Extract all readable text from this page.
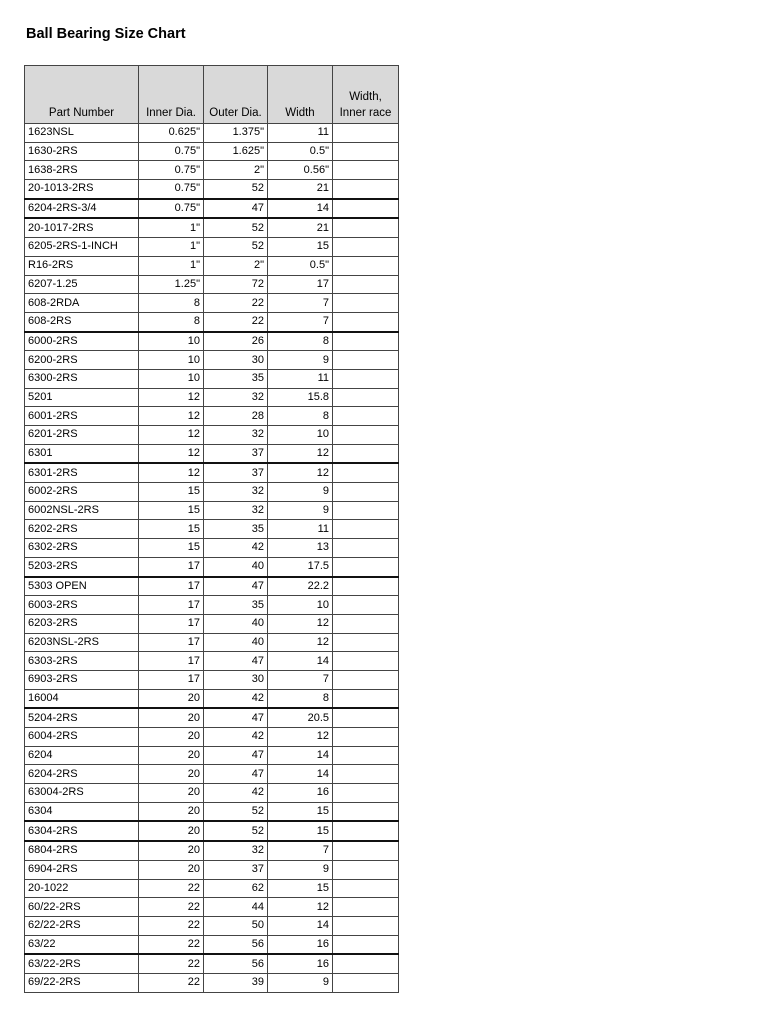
Ball Bearing Size Chart
Part Number	Inner Dia.	Outer Dia.	Width	Width,
Inner race
1623NSL	0.625"	1.375"	11	
1630-2RS	0.75"	1.625"	0.5"	
1638-2RS	0.75"	2"	0.56"	
20-1013-2RS	0.75"	52	21	
6204-2RS-3/4	0.75"	47	14	
20-1017-2RS	1"	52	21	
6205-2RS-1-INCH	1"	52	15	
R16-2RS	1"	2"	0.5"	
6207-1.25	1.25"	72	17	
608-2RDA	8	22	7	
608-2RS	8	22	7	
6000-2RS	10	26	8	
6200-2RS	10	30	9	
6300-2RS	10	35	11	
5201	12	32	15.8	
6001-2RS	12	28	8	
6201-2RS	12	32	10	
6301	12	37	12	
6301-2RS	12	37	12	
6002-2RS	15	32	9	
6002NSL-2RS	15	32	9	
6202-2RS	15	35	11	
6302-2RS	15	42	13	
5203-2RS	17	40	17.5	
5303 OPEN	17	47	22.2	
6003-2RS	17	35	10	
6203-2RS	17	40	12	
6203NSL-2RS	17	40	12	
6303-2RS	17	47	14	
6903-2RS	17	30	7	
16004	20	42	8	
5204-2RS	20	47	20.5	
6004-2RS	20	42	12	
6204	20	47	14	
6204-2RS	20	47	14	
63004-2RS	20	42	16	
6304	20	52	15	
6304-2RS	20	52	15	
6804-2RS	20	32	7	
6904-2RS	20	37	9	
20-1022	22	62	15	
60/22-2RS	22	44	12	
62/22-2RS	22	50	14	
63/22	22	56	16	
63/22-2RS	22	56	16	
69/22-2RS	22	39	9	
